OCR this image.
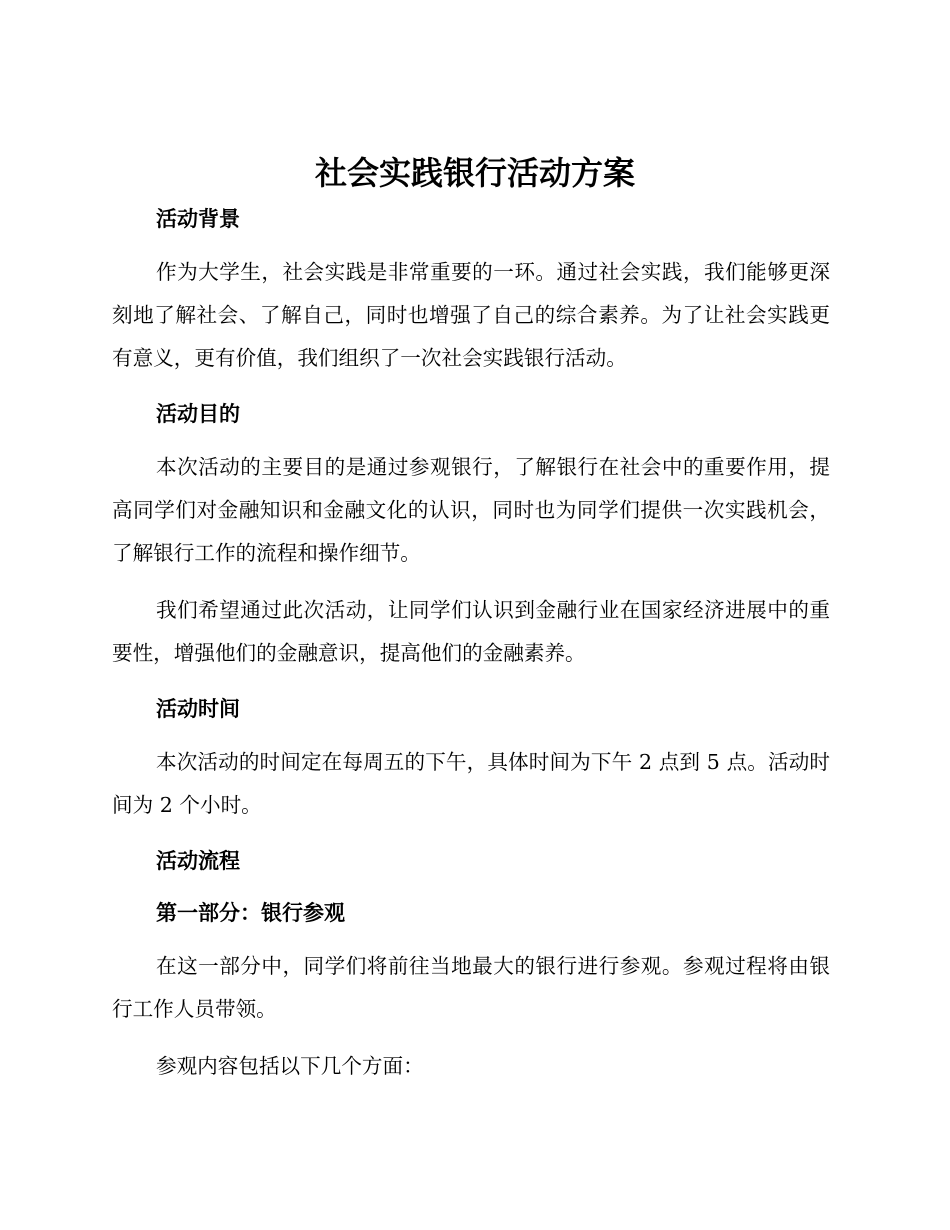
社会实践银行活动方案
活动背景

作为大学生，社会实践是非常重要的一环。通过社会实践，我们能够更深刻地了解社会、了解自己，同时也增强了自己的综合素养。为了让社会实践更有意义，更有价值，我们组织了一次社会实践银行活动。

活动目的

本次活动的主要目的是通过参观银行，了解银行在社会中的重要作用，提高同学们对金融知识和金融文化的认识，同时也为同学们提供一次实践机会，了解银行工作的流程和操作细节。

我们希望通过此次活动，让同学们认识到金融行业在国家经济进展中的重要性，增强他们的金融意识，提高他们的金融素养。

活动时间

本次活动的时间定在每周五的下午，具体时间为下午 2 点到 5 点。活动时间为 2 个小时。

活动流程
第一部分：银行参观

在这一部分中，同学们将前往当地最大的银行进行参观。参观过程将由银行工作人员带领。

参观内容包括以下几个方面：
